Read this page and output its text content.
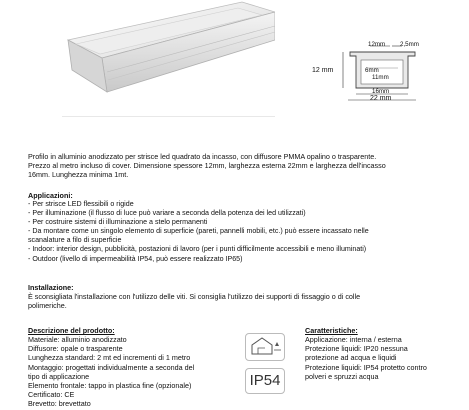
12mm 2,5mm
12 mm	6mm
11mm
16mm
22 mm
Profilo in alluminio anodizzato per strisce led quadrato da incasso, con diffusore PMMA opalino o trasparente.
Prezzo al metro incluso di cover. Dimensione spessore 12mm, larghezza esterna 22mm e larghezza dell'incasso
16mm. Lunghezza minima 1mt.
Applicazioni:
- Per strisce LED flessibili o rigide
- Per illuminazione (il flusso di luce può variare a seconda della potenza dei led utilizzati)
- Per costruire sistemi di illuminazione a stelo permanenti
- Da montare come un singolo elemento di superficie (pareti, pannelli mobili, etc.) può essere incassato nelle
scanalature a filo di superficie
- Indoor: interior design, pubblicità, postazioni di lavoro (per i punti difficilmente accessibili e meno illuminati)
- Outdoor (livello di impermeabilità IP54, può essere realizzato IP65)
Installazione:
È sconsigliata l'installazione con l'utilizzo delle viti. Si consiglia l'utilizzo dei supporti di fissaggio o di colle
polimeriche.
Descrizione del prodotto:
Materiale: alluminio anodizzato
Diffusore: opale o trasparente
Lunghezza standard: 2 mt ed incrementi di 1 metro
Montaggio: progettati individualmente a seconda del
tipo di applicazione
Elemento frontale: tappo in plastica fine (opzionale)
Certificato: CE
Brevetto: brevettato
IP54
Caratteristiche:
Applicazione: interna / esterna
Protezione liquidi: IP20 nessuna
protezione ad acqua e liquidi
Protezione liquidi: IP54 protetto contro
polveri e spruzzi acqua
